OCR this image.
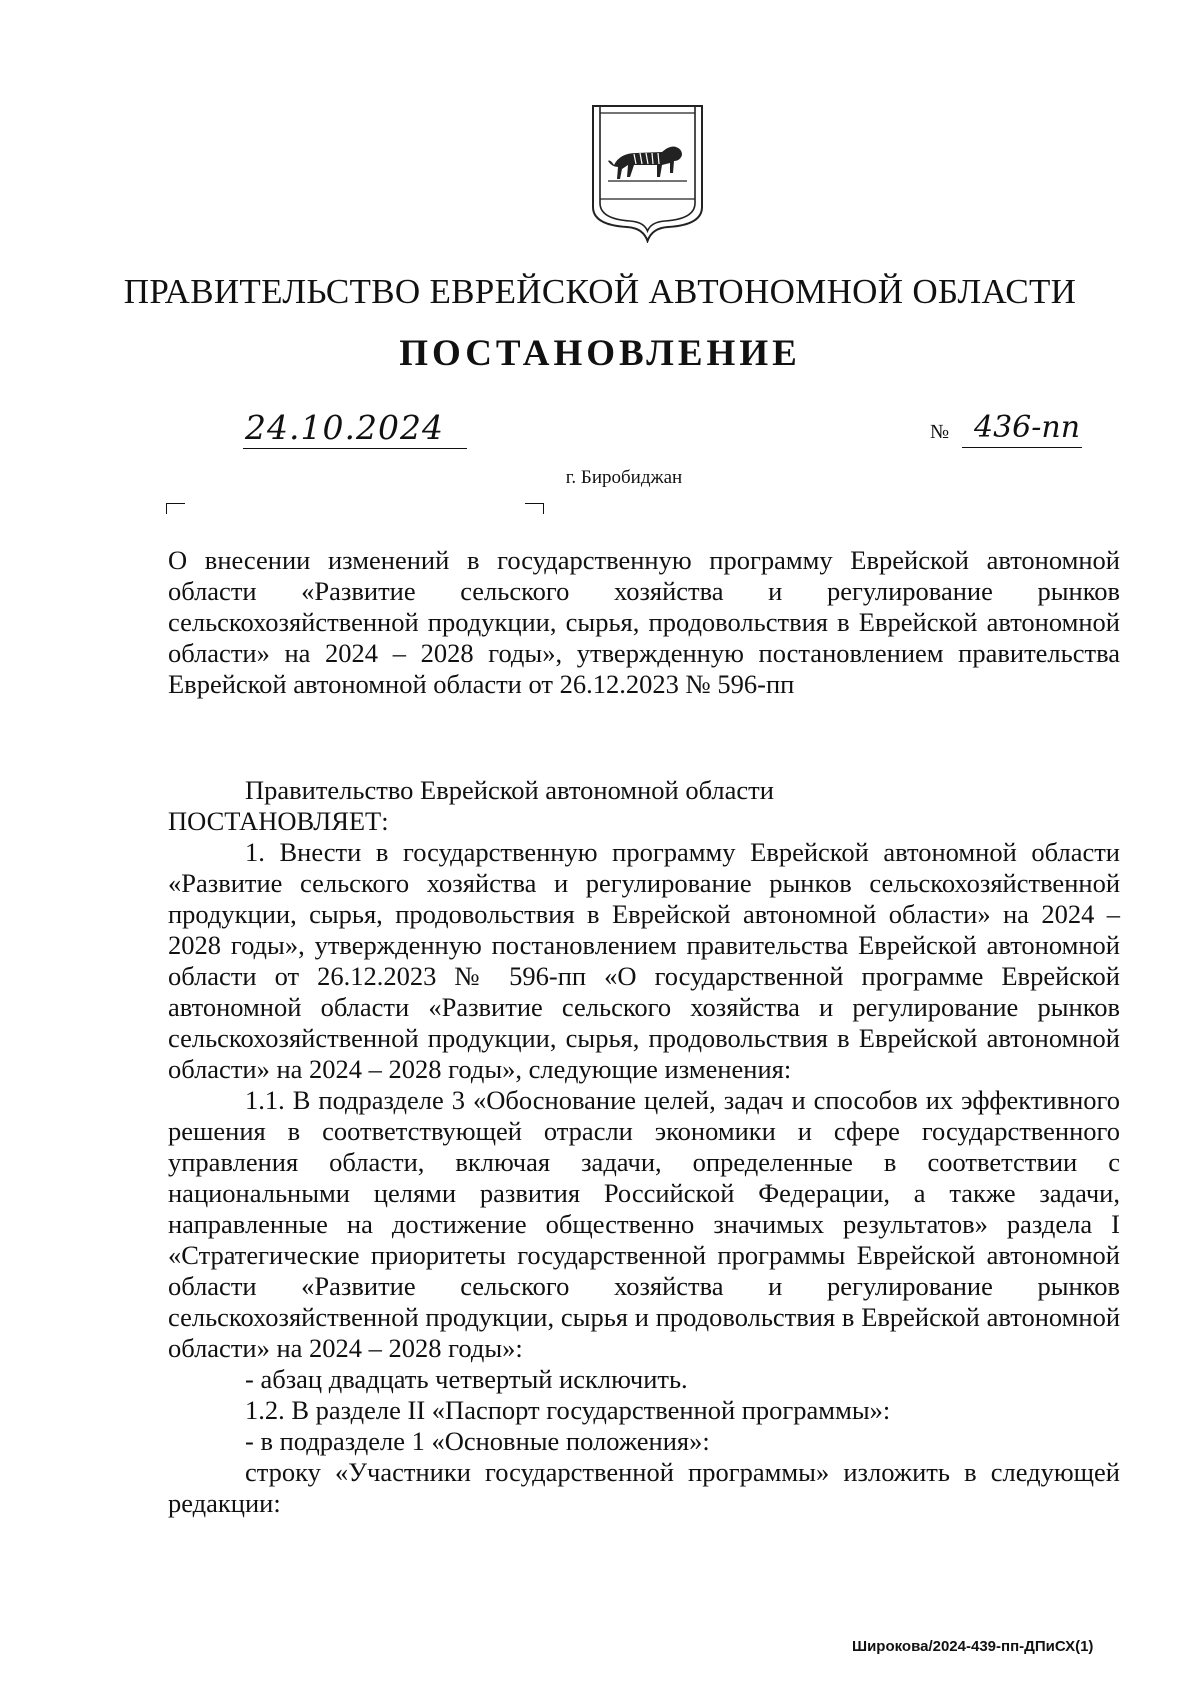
ПРАВИТЕЛЬСТВО ЕВРЕЙСКОЙ АВТОНОМНОЙ ОБЛАСТИ
ПОСТАНОВЛЕНИЕ
24.10.2024	№ 436-пп
г. Биробиджан
О внесении изменений в государственную программу Еврейской автономной области «Развитие сельского хозяйства и регулирование рынков сельскохозяйственной продукции, сырья, продовольствия в Еврейской автономной области» на 2024 – 2028 годы», утвержденную постановлением правительства Еврейской автономной области от 26.12.2023 № 596-пп

Правительство Еврейской автономной области

ПОСТАНОВЛЯЕТ:

1. Внести в государственную программу Еврейской автономной области «Развитие сельского хозяйства и регулирование рынков сельскохозяйственной продукции, сырья, продовольствия в Еврейской автономной области» на 2024 – 2028 годы», утвержденную постановлением правительства Еврейской автономной области от 26.12.2023 № 596-пп «О государственной программе Еврейской автономной области «Развитие сельского хозяйства и регулирование рынков сельскохозяйственной продукции, сырья, продовольствия в Еврейской автономной области» на 2024 – 2028 годы», следующие изменения:

1.1. В подразделе 3 «Обоснование целей, задач и способов их эффективного решения в соответствующей отрасли экономики и сфере государственного управления области, включая задачи, определенные в соответствии с национальными целями развития Российской Федерации, а также задачи, направленные на достижение общественно значимых результатов» раздела I «Стратегические приоритеты государственной программы Еврейской автономной области «Развитие сельского хозяйства и регулирование рынков сельскохозяйственной продукции, сырья и продовольствия в Еврейской автономной области» на 2024 – 2028 годы»:

- абзац двадцать четвертый исключить.

1.2. В разделе II «Паспорт государственной программы»:

- в подразделе 1 «Основные положения»:

строку «Участники государственной программы» изложить в следующей редакции:

Широкова/2024-439-пп-ДПиСХ(1)
